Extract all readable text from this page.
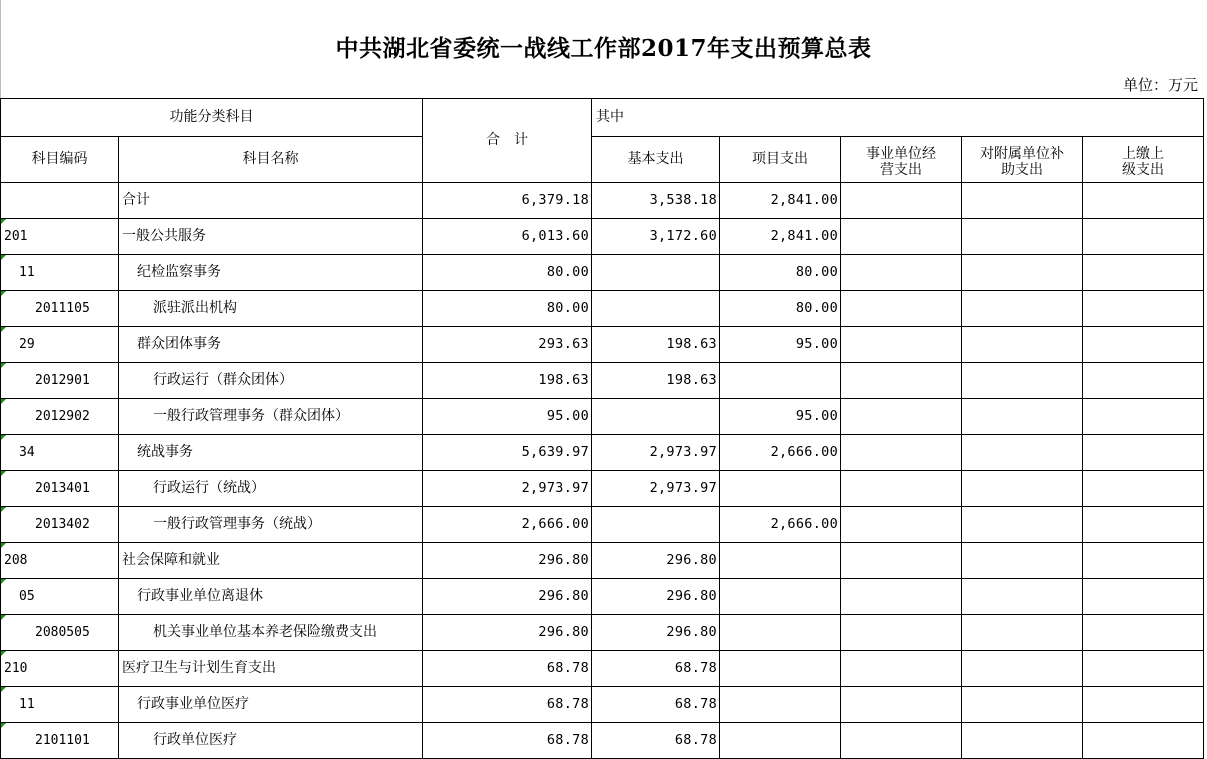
中共湖北省委统一战线工作部2017年支出预算总表
单位：万元
功能分类科目		合　计	其中				
科目编码	科目名称		基本支出	项目支出	事业单位经营支出	对附属单位补助支出	上缴上级支出
	合计	6,379.18	3,538.18	2,841.00			

201	一般公共服务	6,013.60	3,172.60	2,841.00			

11	纪检监察事务	80.00		80.00			

2011105	派驻派出机构	80.00		80.00			

29	群众团体事务	293.63	198.63	95.00			

2012901	行政运行（群众团体）	198.63	198.63				

2012902	一般行政管理事务（群众团体）	95.00		95.00			

34	统战事务	5,639.97	2,973.97	2,666.00			

2013401	行政运行（统战）	2,973.97	2,973.97				

2013402	一般行政管理事务（统战）	2,666.00		2,666.00			

208	社会保障和就业	296.80	296.80				

05	行政事业单位离退休	296.80	296.80				

2080505	机关事业单位基本养老保险缴费支出	296.80	296.80				

210	医疗卫生与计划生育支出	68.78	68.78				

11	行政事业单位医疗	68.78	68.78				

2101101	行政单位医疗	68.78	68.78				
